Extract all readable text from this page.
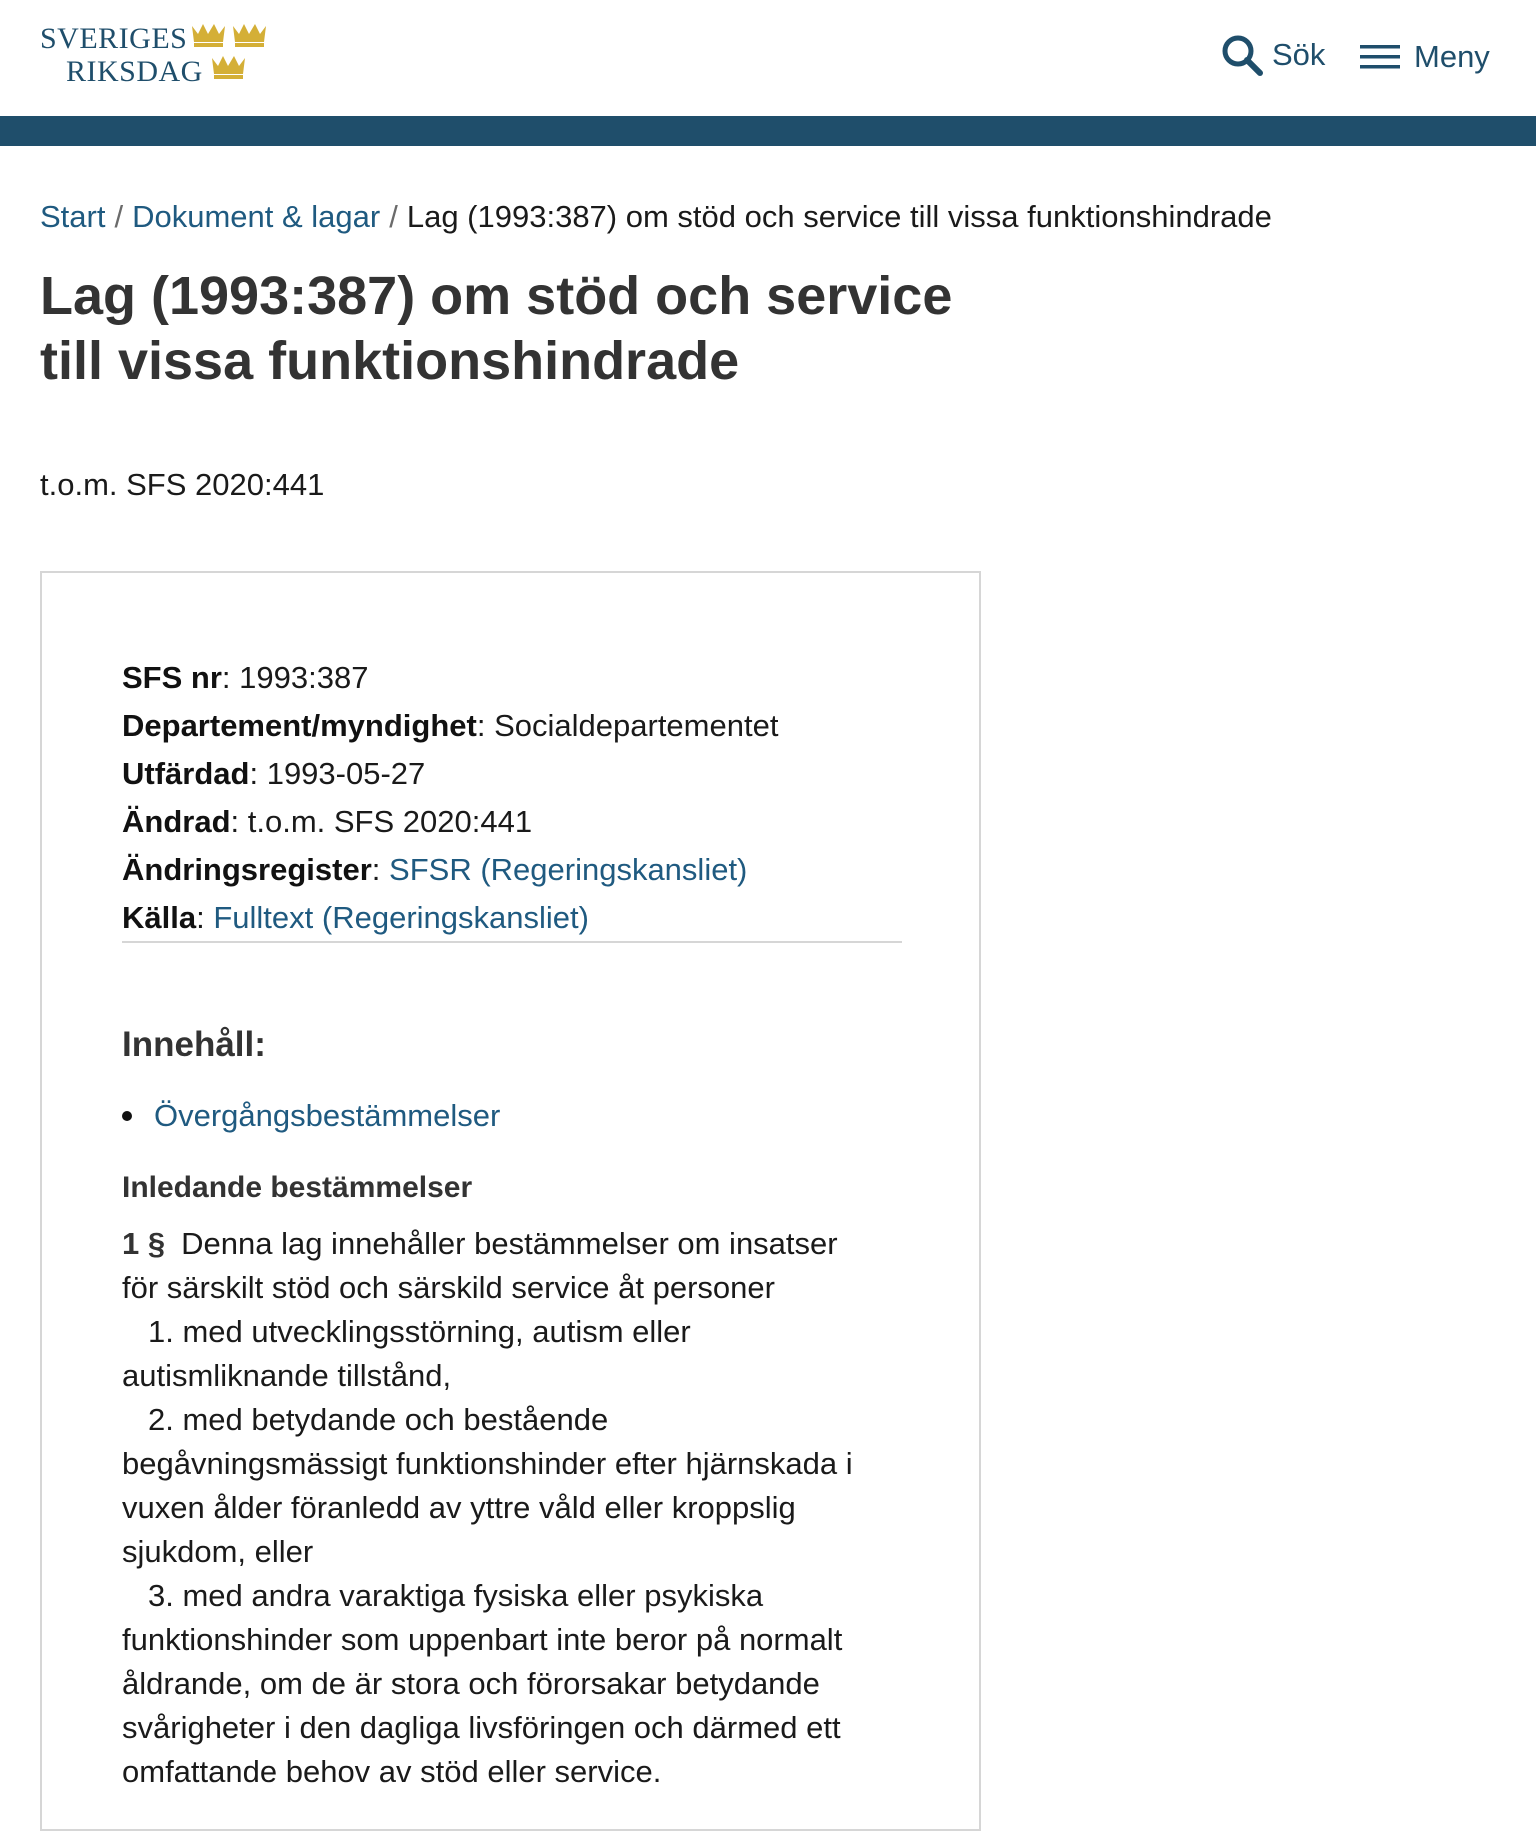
SVERIGES
RIKSDAG	Sök	Meny
Start / Dokument & lagar / Lag (1993:387) om stöd och service till vissa funktionshindrade
Lag (1993:387) om stöd och service till vissa funktionshindrade
t.o.m. SFS 2020:441
SFS nr: 1993:387
Departement/myndighet: Socialdepartementet
Utfärdad: 1993-05-27
Ändrad: t.o.m. SFS 2020:441
Ändringsregister: SFSR (Regeringskansliet)
Källa: Fulltext (Regeringskansliet)
Innehåll:
Övergångsbestämmelser
Inledande bestämmelser

1 § Denna lag innehåller bestämmelser om insatser

för särskilt stöd och särskild service åt personer

1. med utvecklingsstörning, autism eller

autismliknande tillstånd,

2. med betydande och bestående

begåvningsmässigt funktionshinder efter hjärnskada i

vuxen ålder föranledd av yttre våld eller kroppslig

sjukdom, eller

3. med andra varaktiga fysiska eller psykiska

funktionshinder som uppenbart inte beror på normalt

åldrande, om de är stora och förorsakar betydande

svårigheter i den dagliga livsföringen och därmed ett

omfattande behov av stöd eller service.
